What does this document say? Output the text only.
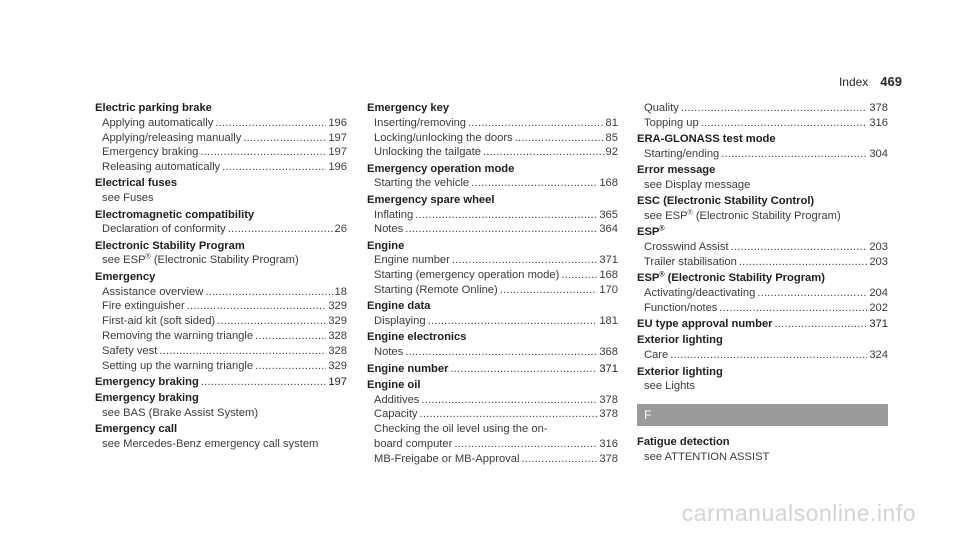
Index 469
Electric parking brake
Applying automatically .....	196
Applying/releasing manually .....	197
Emergency braking .....	197
Releasing automatically .....	196
Electrical fuses
see Fuses
Electromagnetic compatibility
Declaration of conformity .....	26
Electronic Stability Program
see ESP® (Electronic Stability Program)
Emergency
Assistance overview .....	18
Fire extinguisher .....	329
First-aid kit (soft sided) .....	329
Removing the warning triangle .....	328
Safety vest .....	328
Setting up the warning triangle .....	329
Emergency braking .....	197
Emergency braking
see BAS (Brake Assist System)
Emergency call
see Mercedes-Benz emergency call system
Emergency key
Inserting/removing .....	81
Locking/unlocking the doors .....	85
Unlocking the tailgate .....	92
Emergency operation mode
Starting the vehicle .....	168
Emergency spare wheel
Inflating .....	365
Notes .....	364
Engine
Engine number .....	371
Starting (emergency operation mode) .....	168
Starting (Remote Online) .....	170
Engine data
Displaying .....	181
Engine electronics
Notes .....	368
Engine number .....	371
Engine oil
Additives .....	378
Capacity .....	378
Checking the oil level using the on-
board computer .....	316
MB-Freigabe or MB-Approval .....	378
Quality .....	378
Topping up .....	316
ERA-GLONASS test mode
Starting/ending .....	304
Error message
see Display message
ESC (Electronic Stability Control)
see ESP® (Electronic Stability Program)
ESP®
Crosswind Assist .....	203
Trailer stabilisation .....	203
ESP® (Electronic Stability Program)
Activating/deactivating .....	204
Function/notes .....	202
EU type approval number .....	371
Exterior lighting
Care .....	324
Exterior lighting
see Lights
F
Fatigue detection
see ATTENTION ASSIST
carmanualsonline.info
